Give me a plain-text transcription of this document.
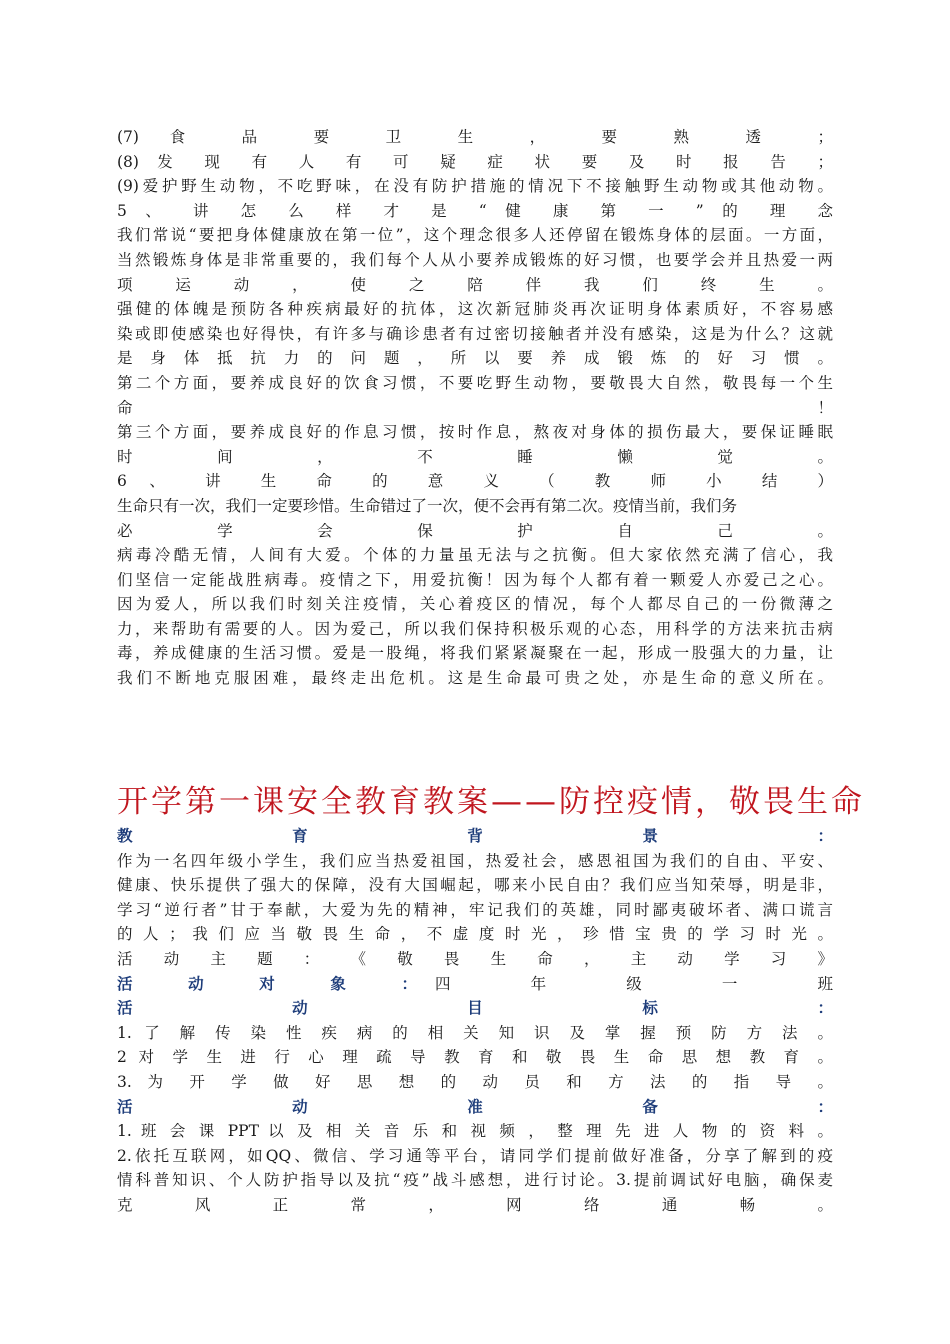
(7) 食 品 要 卫 生 ， 要 熟 透 ；
(8) 发 现 有 人 有 可 疑 症 状 要 及 时 报 告 ；
(9)爱护野生动物，不吃野味，在没有防护措施的情况下不接触野生动物或其他动物。
5 、 讲 怎 么 样 才 是 “ 健 康 第 一 ” 的 理 念
我们常说“要把身体健康放在第一位”，这个理念很多人还停留在锻炼身体的层面。一方面，
当然锻炼身体是非常重要的，我们每个人从小要养成锻炼的好习惯，也要学会并且热爱一两
项 运 动 ， 使 之 陪 伴 我 们 终 生 。
强健的体魄是预防各种疾病最好的抗体，这次新冠肺炎再次证明身体素质好，不容易感
染或即使感染也好得快，有许多与确诊患者有过密切接触者并没有感染，这是为什么？这就
是 身 体 抵 抗 力 的 问 题 ， 所 以 要 养 成 锻 炼 的 好 习 惯 。
第二个方面，要养成良好的饮食习惯，不要吃野生动物，要敬畏大自然，敬畏每一个生
命 ！
第三个方面，要养成良好的作息习惯，按时作息，熬夜对身体的损伤最大，要保证睡眠
时 间 ， 不 睡 懒 觉 。
6 、 讲 生 命 的 意 义 （ 教 师 小 结 ）
生命只有一次，我们一定要珍惜。生命错过了一次，便不会再有第二次。疫情当前，我们务
必 学 会 保 护 自 己 。
病毒冷酷无情，人间有大爱。个体的力量虽无法与之抗衡。但大家依然充满了信心，我
们坚信一定能战胜病毒。疫情之下，用爱抗衡！因为每个人都有着一颗爱人亦爱己之心。
因为爱人，所以我们时刻关注疫情，关心着疫区的情况，每个人都尽自己的一份微薄之
力，来帮助有需要的人。因为爱己，所以我们保持积极乐观的心态，用科学的方法来抗击病
毒，养成健康的生活习惯。爱是一股绳，将我们紧紧凝聚在一起，形成一股强大的力量，让
我们不断地克服困难，最终走出危机。这是生命最可贵之处，亦是生命的意义所在。
开学第一课安全教育教案——防控疫情，敬畏生命
教 育 背 景 ：
作为一名四年级小学生，我们应当热爱祖国，热爱社会，感恩祖国为我们的自由、平安、
健康、快乐提供了强大的保障，没有大国崛起，哪来小民自由？我们应当知荣辱，明是非，
学习“逆行者”甘于奉献，大爱为先的精神，牢记我们的英雄，同时鄙夷破坏者、满口谎言
的 人 ； 我 们 应 当 敬 畏 生 命 ， 不 虚 度 时 光 ， 珍 惜 宝 贵 的 学 习 时 光 。
活 动 主 题 ： 《 敬 畏 生 命 ， 主 动 学 习 》
活 动 对 象 ： 四 年 级 一 班
活 动 目 标 ：
1. 了 解 传 染 性 疾 病 的 相 关 知 识 及 掌 握 预 防 方 法 。
2 对 学 生 进 行 心 理 疏 导 教 育 和 敬 畏 生 命 思 想 教 育 。
3. 为 开 学 做 好 思 想 的 动 员 和 方 法 的 指 导 。
活 动 准 备 ：
1. 班 会 课 PPT 以 及 相 关 音 乐 和 视 频 ， 整 理 先 进 人 物 的 资 料 。
2.依托互联网，如QQ、微信、学习通等平台，请同学们提前做好准备，分享了解到的疫
情科普知识、个人防护指导以及抗“疫”战斗感想，进行讨论。3.提前调试好电脑，确保麦
克 风 正 常 ， 网 络 通 畅 。
